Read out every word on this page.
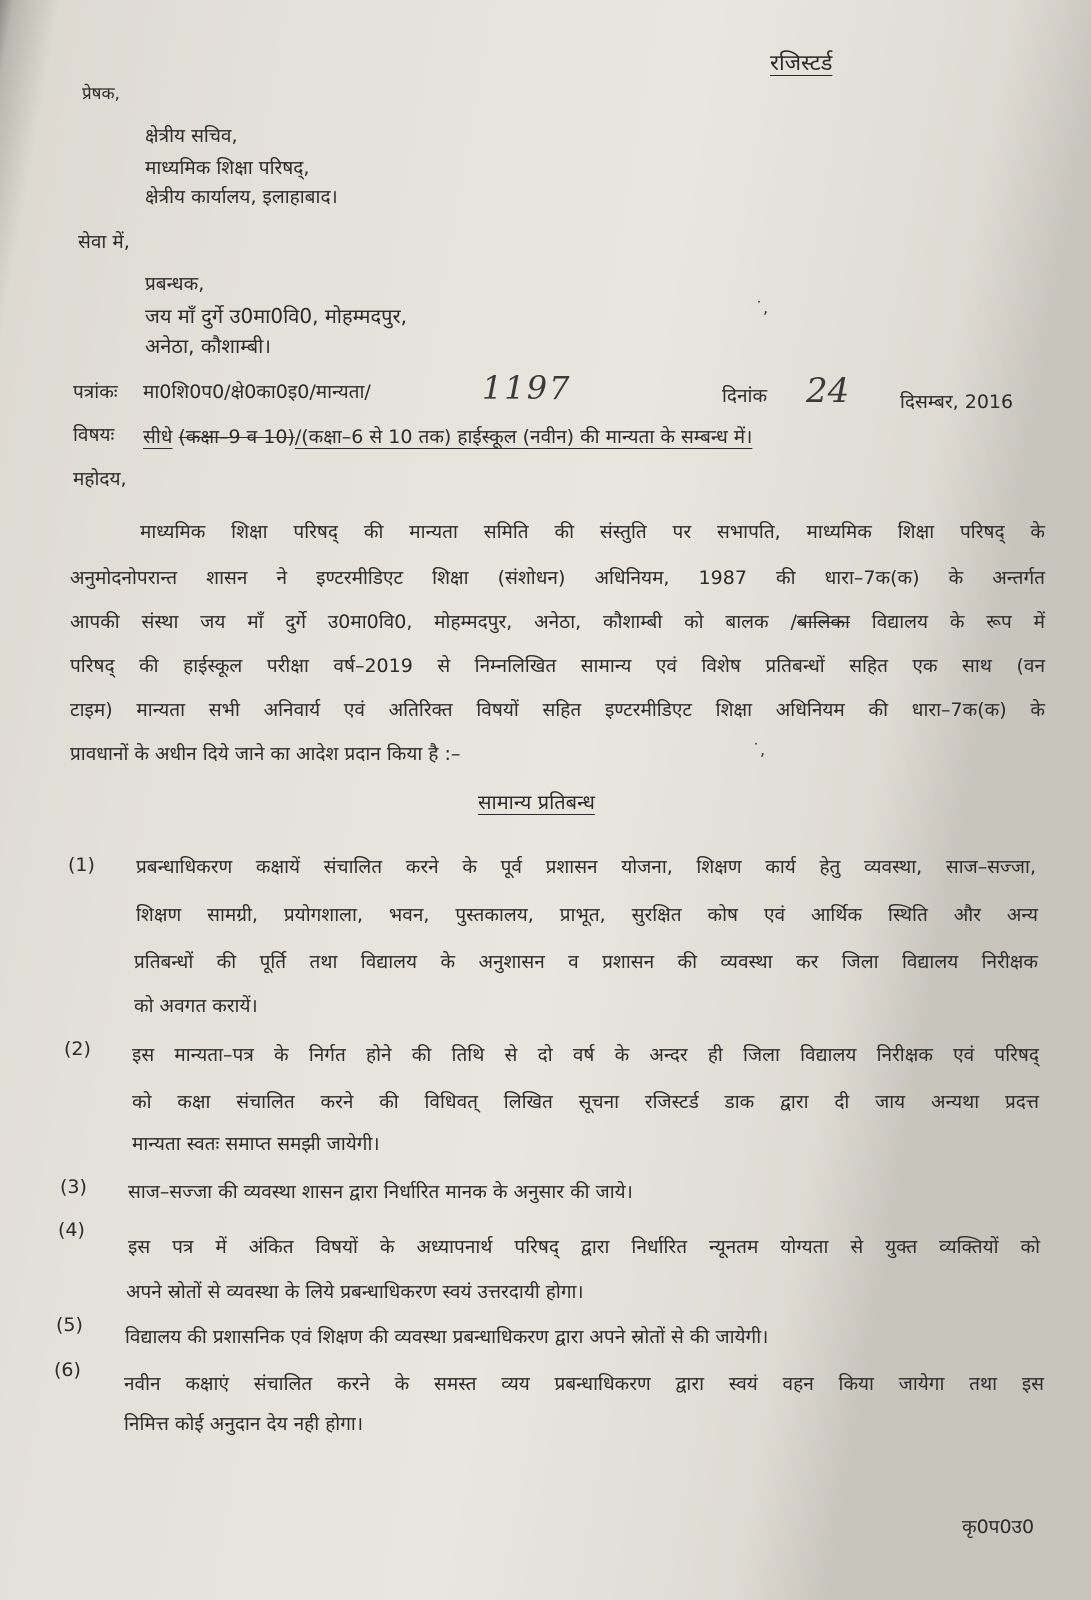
रजिस्टर्ड
प्रेषक,
क्षेत्रीय सचिव,
माध्यमिक शिक्षा परिषद्,
क्षेत्रीय कार्यालय, इलाहाबाद।
सेवा में,
प्रबन्धक,
जय माँ दुर्गे उ0मा0वि0, मोहम्मदपुर,
अनेठा, कौशाम्बी।
˙,
पत्रांकः मा0शि0प0/क्षे0का0इ0/मान्यता/	1197	दिनांक 24	दिसम्बर, 2016
विषयः सीधे (कक्षा–9 व 10)/(कक्षा–6 से 10 तक) हाईस्कूल (नवीन) की मान्यता के सम्बन्ध में।
महोदय,
माध्यमिक शिक्षा परिषद् की मान्यता समिति की संस्तुति पर सभापति, माध्यमिक शिक्षा परिषद् के
अनुमोदनोपरान्त शासन ने इण्टरमीडिएट शिक्षा (संशोधन) अधिनियम, 1987 की धारा–7क(क) के अन्तर्गत
आपकी संस्था जय माँ दुर्गे उ0मा0वि0, मोहम्मदपुर, अनेठा, कौशाम्बी को बालक /बालिका विद्यालय के रूप में
परिषद् की हाईस्कूल परीक्षा वर्ष–2019 से निम्नलिखित सामान्य एवं विशेष प्रतिबन्धों सहित एक साथ (वन
टाइम) मान्यता सभी अनिवार्य एवं अतिरिक्त विषयों सहित इण्टरमीडिएट शिक्षा अधिनियम की धारा–7क(क) के
प्रावधानों के अधीन दिये जाने का आदेश प्रदान किया है :–	˙,
सामान्य प्रतिबन्ध
(1) प्रबन्धाधिकरण कक्षायें संचालित करने के पूर्व प्रशासन योजना, शिक्षण कार्य हेतु व्यवस्था, साज–सज्जा,
शिक्षण सामग्री, प्रयोगशाला, भवन, पुस्तकालय, प्राभूत, सुरक्षित कोष एवं आर्थिक स्थिति और अन्य
प्रतिबन्धों की पूर्ति तथा विद्यालय के अनुशासन व प्रशासन की व्यवस्था कर जिला विद्यालय निरीक्षक
को अवगत करायें।
(2) इस मान्यता–पत्र के निर्गत होने की तिथि से दो वर्ष के अन्दर ही जिला विद्यालय निरीक्षक एवं परिषद्
को कक्षा संचालित करने की विधिवत् लिखित सूचना रजिस्टर्ड डाक द्वारा दी जाय अन्यथा प्रदत्त
मान्यता स्वतः समाप्त समझी जायेगी।
(3) साज–सज्जा की व्यवस्था शासन द्वारा निर्धारित मानक के अनुसार की जाये।
(4)
इस पत्र में अंकित विषयों के अध्यापनार्थ परिषद् द्वारा निर्धारित न्यूनतम योग्यता से युक्त व्यक्तियों को
अपने स्रोतों से व्यवस्था के लिये प्रबन्धाधिकरण स्वयं उत्तरदायी होगा।
(5)
विद्यालय की प्रशासनिक एवं शिक्षण की व्यवस्था प्रबन्धाधिकरण द्वारा अपने स्रोतों से की जायेगी।
(6)
नवीन कक्षाएं संचालित करने के समस्त व्यय प्रबन्धाधिकरण द्वारा स्वयं वहन किया जायेगा तथा इस
निमित्त कोई अनुदान देय नही होगा।
कृ0प0उ0
